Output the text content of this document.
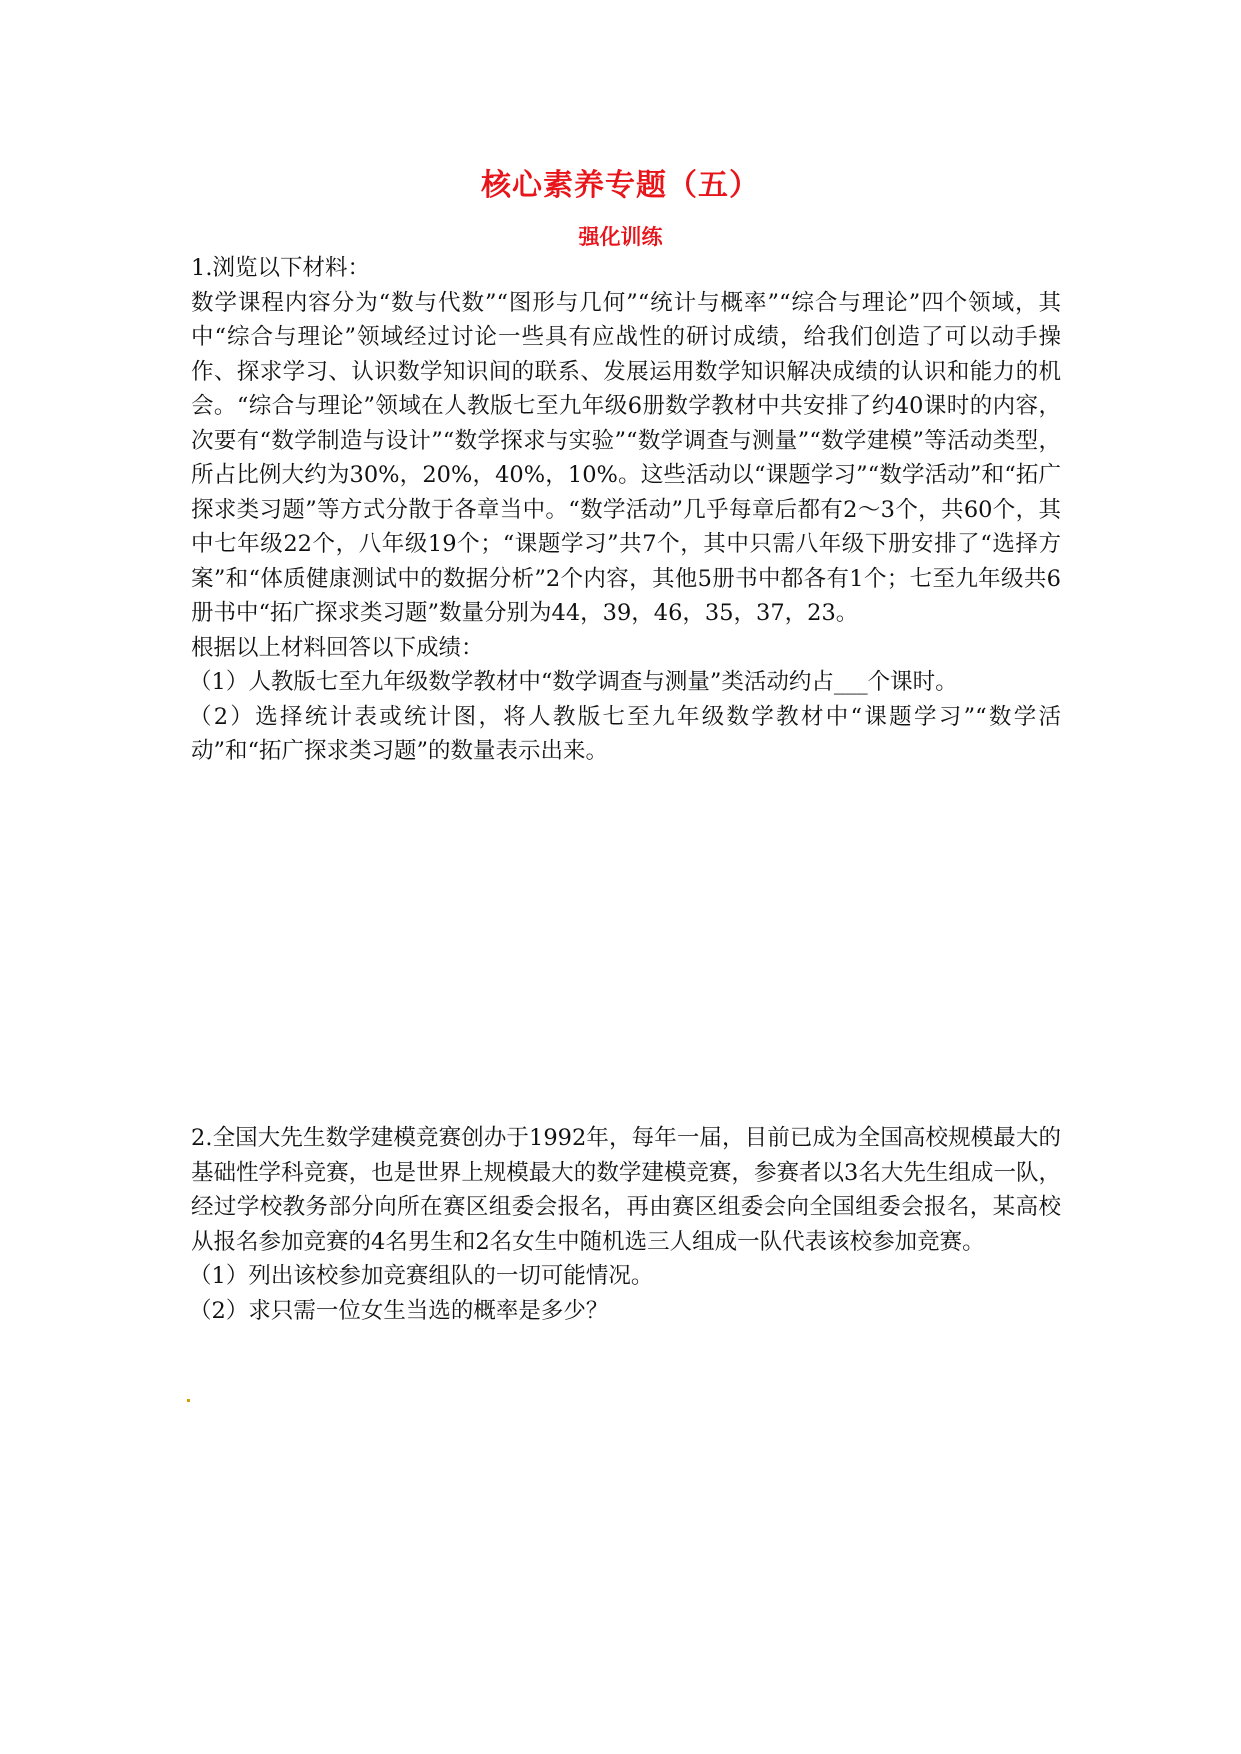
核心素养专题（五）
强化训练

1.浏览以下材料：

数学课程内容分为“数与代数”“图形与几何”“统计与概率”“综合与理论”四个领域，其中“综合与理论”领域经过讨论一些具有应战性的研讨成绩，给我们创造了可以动手操作、探求学习、认识数学知识间的联系、发展运用数学知识解决成绩的认识和能力的机会。“综合与理论”领域在人教版七至九年级6册数学教材中共安排了约40课时的内容，次要有“数学制造与设计”“数学探求与实验”“数学调查与测量”“数学建模”等活动类型，所占比例大约为30%，20%，40%，10%。这些活动以“课题学习”“数学活动”和“拓广探求类习题”等方式分散于各章当中。“数学活动”几乎每章后都有2～3个，共60个，其中七年级22个，八年级19个；“课题学习”共7个，其中只需八年级下册安排了“选择方案”和“体质健康测试中的数据分析”2个内容，其他5册书中都各有1个；七至九年级共6册书中“拓广探求类习题”数量分别为44，39，46，35，37，23。

根据以上材料回答以下成绩：

（1）人教版七至九年级数学教材中“数学调查与测量”类活动约占___个课时。

（2）选择统计表或统计图，将人教版七至九年级数学教材中“课题学习”“数学活动”和“拓广探求类习题”的数量表示出来。

2.全国大先生数学建模竞赛创办于1992年，每年一届，目前已成为全国高校规模最大的基础性学科竞赛，也是世界上规模最大的数学建模竞赛，参赛者以3名大先生组成一队，经过学校教务部分向所在赛区组委会报名，再由赛区组委会向全国组委会报名，某高校从报名参加竞赛的4名男生和2名女生中随机选三人组成一队代表该校参加竞赛。

（1）列出该校参加竞赛组队的一切可能情况。

（2）求只需一位女生当选的概率是多少？
